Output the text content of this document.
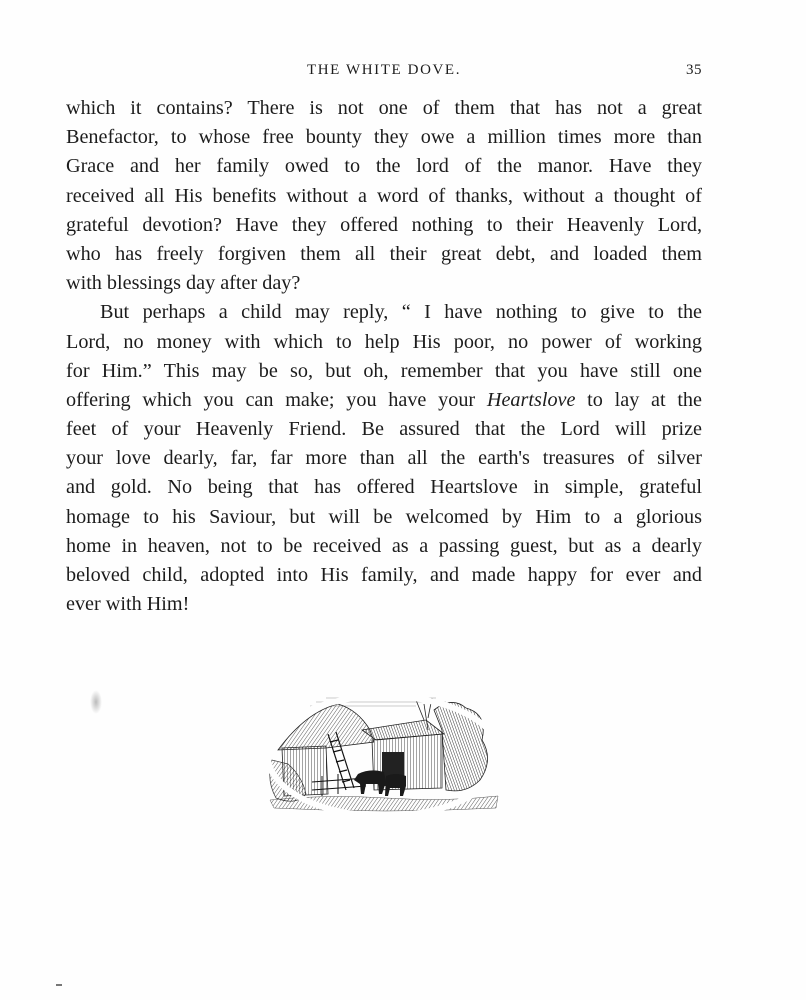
THE WHITE DOVE.	35
which it contains? There is not one of them that has not a great
Benefactor, to whose free bounty they owe a million times more than
Grace and her family owed to the lord of the manor. Have they
received all His benefits without a word of thanks, without a thought of
grateful devotion? Have they offered nothing to their Heavenly Lord,
who has freely forgiven them all their great debt, and loaded them
with blessings day after day?
But perhaps a child may reply, “ I have nothing to give to the
Lord, no money with which to help His poor, no power of working
for Him.” This may be so, but oh, remember that you have still one
offering which you can make; you have your Heartslove to lay at the
feet of your Heavenly Friend. Be assured that the Lord will prize
your love dearly, far, far more than all the earth's treasures of silver
and gold. No being that has offered Heartslove in simple, grateful
homage to his Saviour, but will be welcomed by Him to a glorious
home in heaven, not to be received as a passing guest, but as a dearly
beloved child, adopted into His family, and made happy for ever and
ever with Him!
